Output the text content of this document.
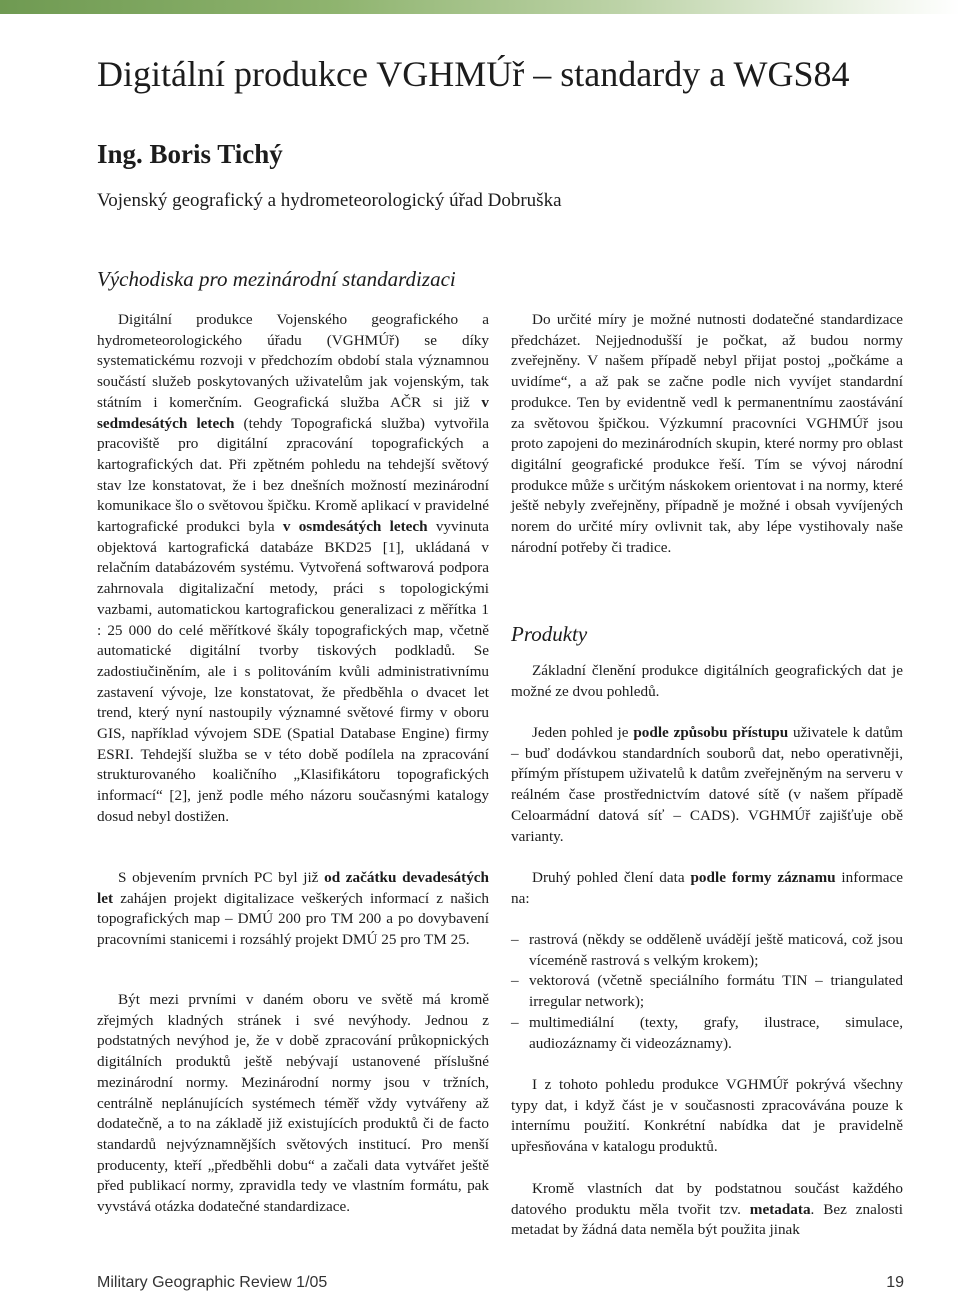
Digitální produkce VGHMÚř – standardy a WGS84
Ing. Boris Tichý
Vojenský geografický a hydrometeorologický úřad Dobruška
Východiska pro mezinárodní standardizaci

Digitální produkce Vojenského geografického a hydrometeorologického úřadu (VGHMÚř) se díky systematickému rozvoji v předchozím období stala významnou součástí služeb poskytovaných uživatelům jak vojenským, tak státním i komerčním. Geografická služba AČR si již v sedmdesátých letech (tehdy Topografická služba) vytvořila pracoviště pro digitální zpracování topografických a kartografických dat. Při zpětném pohledu na tehdejší světový stav lze konstatovat, že i bez dnešních možností mezinárodní komunikace šlo o světovou špičku. Kromě aplikací v pravidelné kartografické produkci byla v osmdesátých letech vyvinuta objektová kartografická databáze BKD25 [1], ukládaná v relačním databázovém systému. Vytvořená softwarová podpora zahrnovala digitalizační metody, práci s topologickými vazbami, automatickou kartografickou generalizaci z měřítka 1 : 25 000 do celé měřítkové škály topografických map, včetně automatické digitální tvorby tiskových podkladů. Se zadostiučiněním, ale i s politováním kvůli administrativnímu zastavení vývoje, lze konstatovat, že předběhla o dvacet let trend, který nyní nastoupily významné světové firmy v oboru GIS, například vývojem SDE (Spatial Database Engine) firmy ESRI. Tehdejší služba se v této době podílela na zpracování strukturovaného koaličního „Klasifikátoru topografických informací“ [2], jenž podle mého názoru současnými katalogy dosud nebyl dostižen.

S objevením prvních PC byl již od začátku devadesátých let zahájen projekt digitalizace veškerých informací z našich topografických map – DMÚ 200 pro TM 200 a po dovybavení pracovními stanicemi i rozsáhlý projekt DMÚ 25 pro TM 25.

Být mezi prvními v daném oboru ve světě má kromě zřejmých kladných stránek i své nevýhody. Jednou z podstatných nevýhod je, že v době zpracování průkopnických digitálních produktů ještě nebývají ustanovené příslušné mezinárodní normy. Mezinárodní normy jsou v tržních, centrálně neplánujících systémech téměř vždy vytvářeny až dodatečně, a to na základě již existujících produktů či de facto standardů nejvýznamnějších světových institucí. Pro menší producenty, kteří „předběhli dobu“ a začali data vytvářet ještě před publikací normy, zpravidla tedy ve vlastním formátu, pak vyvstává otázka dodatečné standardizace.

Do určité míry je možné nutnosti dodatečné standardizace předcházet. Nejjednodušší je počkat, až budou normy zveřejněny. V našem případě nebyl přijat postoj „počkáme a uvidíme“, a až pak se začne podle nich vyvíjet standardní produkce. Ten by evidentně vedl k permanentnímu zaostávání za světovou špičkou. Výzkumní pracovníci VGHMÚř jsou proto zapojeni do mezinárodních skupin, které normy pro oblast digitální geografické produkce řeší. Tím se vývoj národní produkce může s určitým náskokem orientovat i na normy, které ještě nebyly zveřejněny, případně je možné i obsah vyvíjených norem do určité míry ovlivnit tak, aby lépe vystihovaly naše národní potřeby či tradice.

Produkty

Základní členění produkce digitálních geografických dat je možné ze dvou pohledů.

Jeden pohled je podle způsobu přístupu uživatele k datům – buď dodávkou standardních souborů dat, nebo operativněji, přímým přístupem uživatelů k datům zveřejněným na serveru v reálném čase prostřednictvím datové sítě (v našem případě Celoarmádní datová síť – CADS). VGHMÚř zajišťuje obě varianty.

Druhý pohled člení data podle formy záznamu informace na:

– rastrová (někdy se odděleně uvádějí ještě maticová, což jsou víceméně rastrová s velkým krokem);
– vektorová (včetně speciálního formátu TIN – triangulated irregular network);
– multimediální (texty, grafy, ilustrace, simulace, audiozáznamy či videozáznamy).

I z tohoto pohledu produkce VGHMÚř pokrývá všechny typy dat, i když část je v současnosti zpracovávána pouze k internímu použití. Konkrétní nabídka dat je pravidelně upřesňována v katalogu produktů.

Kromě vlastních dat by podstatnou součást každého datového produktu měla tvořit tzv. metadata. Bez znalosti metadat by žádná data neměla být použita jinak

Military Geographic Review 1/05	19
